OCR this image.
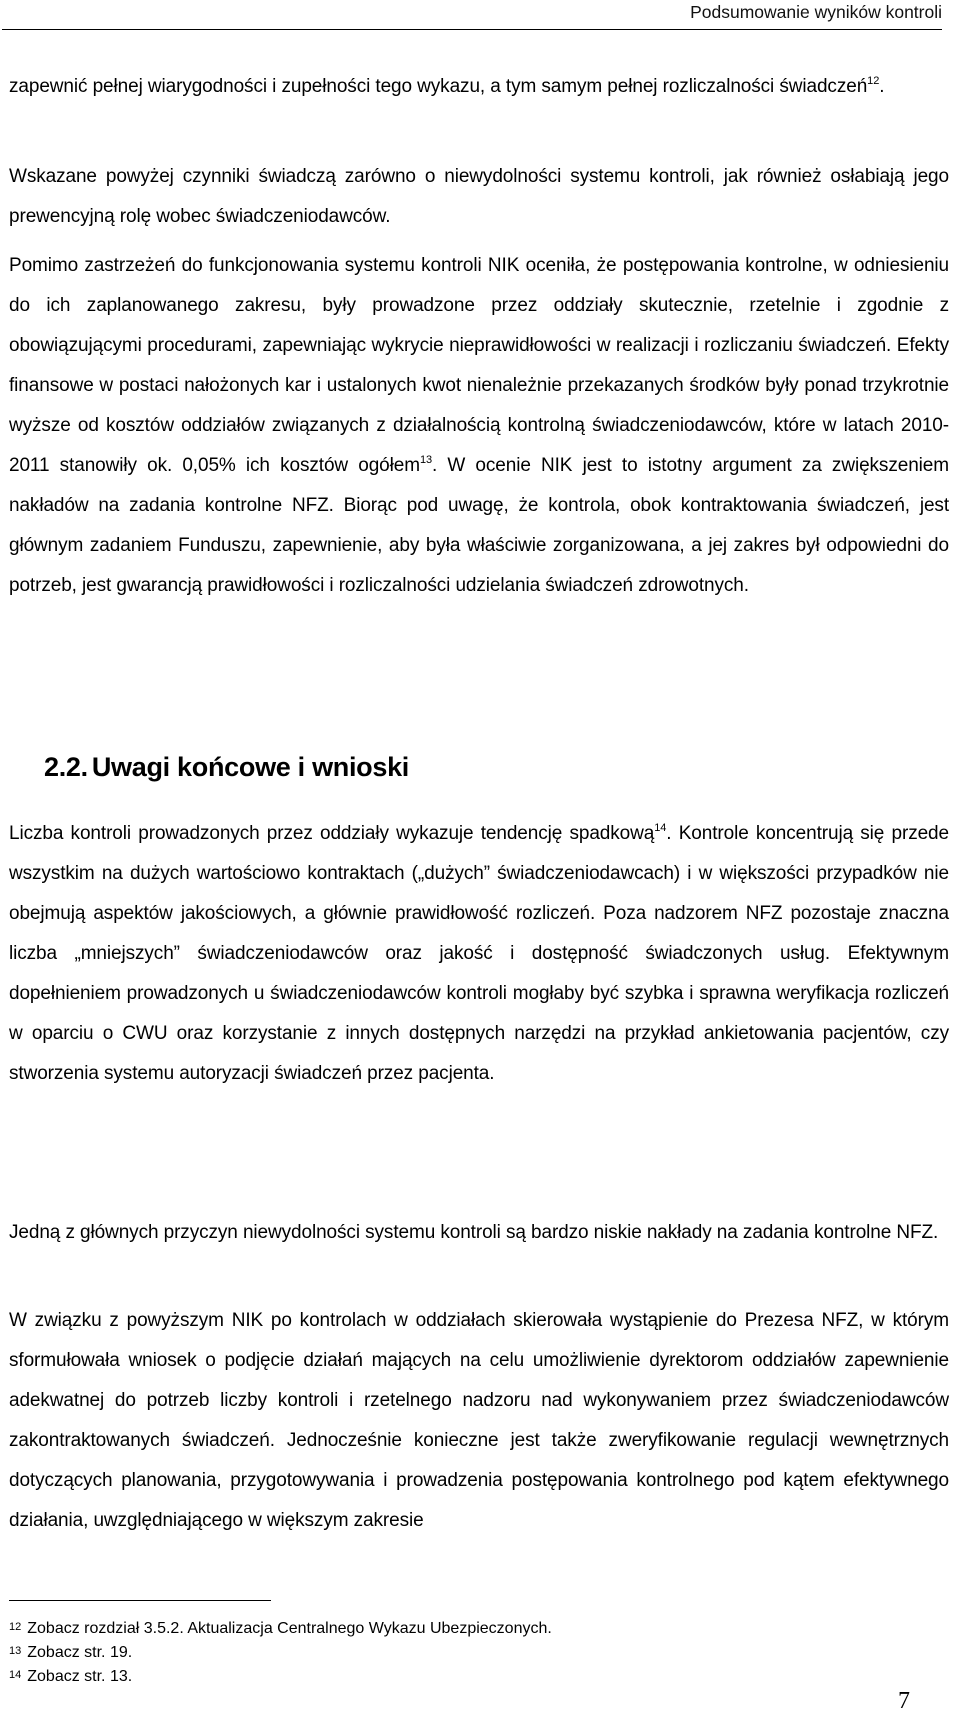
Podsumowanie wyników kontroli

zapewnić pełnej wiarygodności i zupełności tego wykazu, a tym samym pełnej rozliczalności świadczeń$^{12}$.

Wskazane powyżej czynniki świadczą zarówno o niewydolności systemu kontroli, jak również osłabiają jego prewencyjną rolę wobec świadczeniodawców.

Pomimo zastrzeżeń do funkcjonowania systemu kontroli NIK oceniła, że postępowania kontrolne, w odniesieniu do ich zaplanowanego zakresu, były prowadzone przez oddziały skutecznie, rzetelnie i zgodnie z obowiązującymi procedurami, zapewniając wykrycie nieprawidłowości w realizacji i rozliczaniu świadczeń. Efekty finansowe w postaci nałożonych kar i ustalonych kwot nienależnie przekazanych środków były ponad trzykrotnie wyższe od kosztów oddziałów związanych z działalnością kontrolną świadczeniodawców, które w latach 2010-2011 stanowiły ok. 0,05% ich kosztów ogółem$^{13}$. W ocenie NIK jest to istotny argument za zwiększeniem nakładów na zadania kontrolne NFZ. Biorąc pod uwagę, że kontrola, obok kontraktowania świadczeń, jest głównym zadaniem Funduszu, zapewnienie, aby była właściwie zorganizowana, a jej zakres był odpowiedni do potrzeb, jest gwarancją prawidłowości i rozliczalności udzielania świadczeń zdrowotnych.

2.2. Uwagi końcowe i wnioski

Liczba kontroli prowadzonych przez oddziały wykazuje tendencję spadkową$^{14}$. Kontrole koncentrują się przede wszystkim na dużych wartościowo kontraktach („dużych” świadczeniodawcach) i w większości przypadków nie obejmują aspektów jakościowych, a głównie prawidłowość rozliczeń. Poza nadzorem NFZ pozostaje znaczna liczba „mniejszych” świadczeniodawców oraz jakość i dostępność świadczonych usług. Efektywnym dopełnieniem prowadzonych u świadczeniodawców kontroli mogłaby być szybka i sprawna weryfikacja rozliczeń w oparciu o CWU oraz korzystanie z innych dostępnych narzędzi na przykład ankietowania pacjentów, czy stworzenia systemu autoryzacji świadczeń przez pacjenta.

Jedną z głównych przyczyn niewydolności systemu kontroli są bardzo niskie nakłady na zadania kontrolne NFZ.

W związku z powyższym NIK po kontrolach w oddziałach skierowała wystąpienie do Prezesa NFZ, w którym sformułowała wniosek o podjęcie działań mających na celu umożliwienie dyrektorom oddziałów zapewnienie adekwatnej do potrzeb liczby kontroli i rzetelnego nadzoru nad wykonywaniem przez świadczeniodawców zakontraktowanych świadczeń. Jednocześnie konieczne jest także zweryfikowanie regulacji wewnętrznych dotyczących planowania, przygotowywania i prowadzenia postępowania kontrolnego pod kątem efektywnego działania, uwzględniającego w większym zakresie

12 Zobacz rozdział 3.5.2. Aktualizacja Centralnego Wykazu Ubezpieczonych.
13 Zobacz str. 19.
14 Zobacz str. 13.
7
